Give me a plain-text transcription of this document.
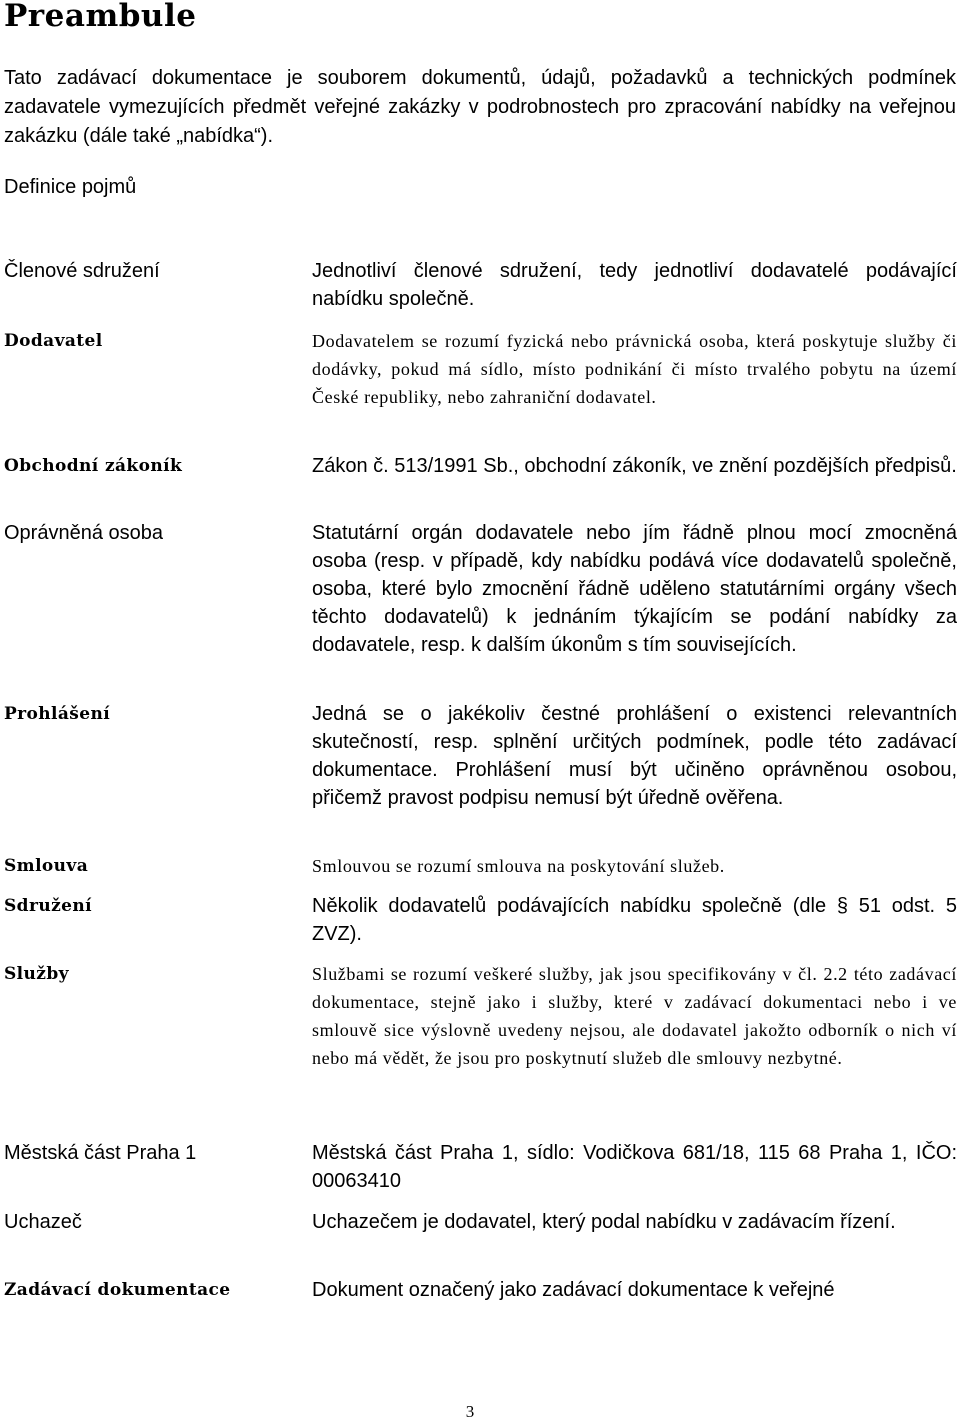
Preambule
Tato zadávací dokumentace je souborem dokumentů, údajů, požadavků a technických podmínek zadavatele vymezujících předmět veřejné zakázky v podrobnostech pro zpracování nabídky na veřejnou zakázku (dále také „nabídka“).
Definice pojmů
Členové sdružení	Jednotliví členové sdružení, tedy jednotliví dodavatelé podávající nabídku společně.
Dodavatel	Dodavatelem se rozumí fyzická nebo právnická osoba, která poskytuje služby či dodávky, pokud má sídlo, místo podnikání či místo trvalého pobytu na území České republiky, nebo zahraniční dodavatel.
Obchodní zákoník	Zákon č. 513/1991 Sb., obchodní zákoník, ve znění pozdějších předpisů.
Oprávněná osoba	Statutární orgán dodavatele nebo jím řádně plnou mocí zmocněná osoba (resp. v případě, kdy nabídku podává více dodavatelů společně, osoba, které bylo zmocnění řádně uděleno statutárními orgány všech těchto dodavatelů) k jednáním týkajícím se podání nabídky za dodavatele, resp. k dalším úkonům s tím souvisejících.
Prohlášení	Jedná se o jakékoliv čestné prohlášení o existenci relevantních skutečností, resp. splnění určitých podmínek, podle této zadávací dokumentace. Prohlášení musí být učiněno oprávněnou osobou, přičemž pravost podpisu nemusí být úředně ověřena.
Smlouva	Smlouvou se rozumí smlouva na poskytování služeb.
Sdružení	Několik dodavatelů podávajících nabídku společně (dle § 51 odst. 5 ZVZ).
Služby	Službami se rozumí veškeré služby, jak jsou specifikovány v čl. 2.2 této zadávací dokumentace, stejně jako i služby, které v zadávací dokumentaci nebo i ve smlouvě sice výslovně uvedeny nejsou, ale dodavatel jakožto odborník o nich ví nebo má vědět, že jsou pro poskytnutí služeb dle smlouvy nezbytné.
Městská část Praha 1	Městská část Praha 1, sídlo: Vodičkova 681/18, 115 68 Praha 1, IČO: 00063410
Uchazeč	Uchazečem je dodavatel, který podal nabídku v zadávacím řízení.
Zadávací dokumentace	Dokument označený jako zadávací dokumentace k veřejné
3
